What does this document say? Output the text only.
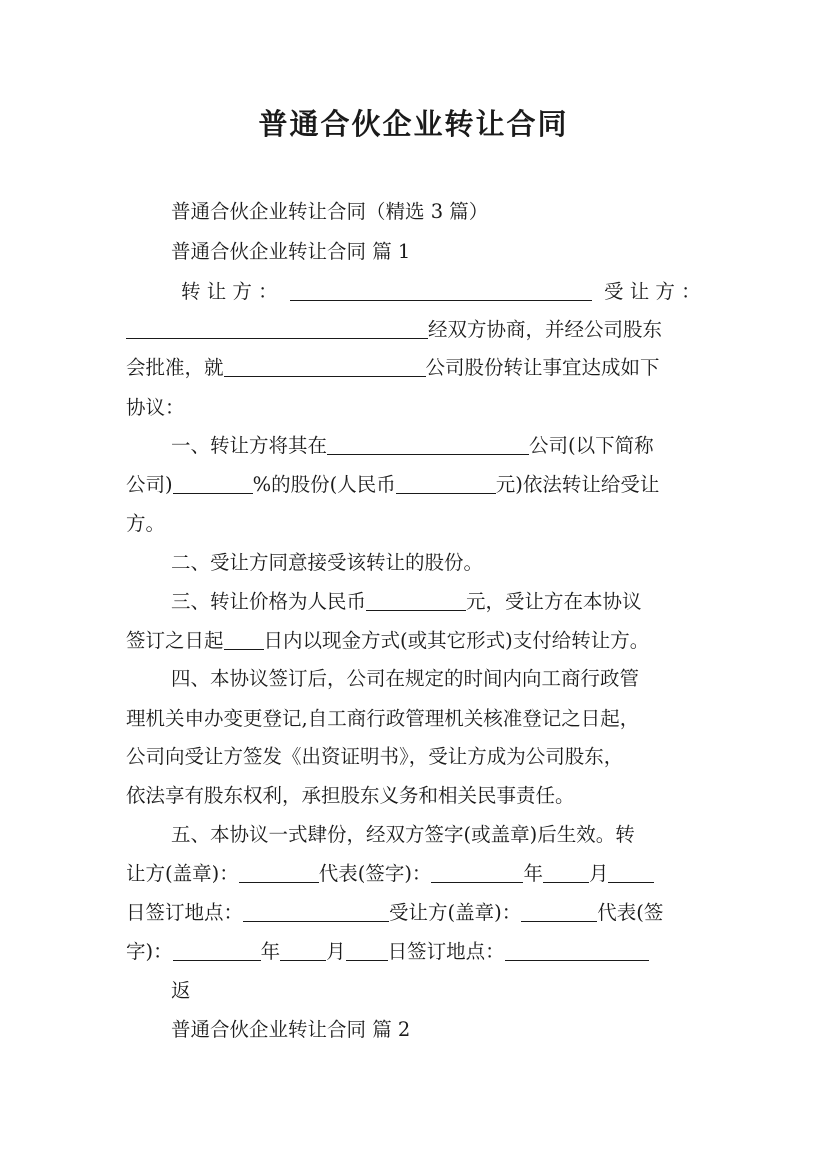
普通合伙企业转让合同
普通合伙企业转让合同（精选 3 篇）
普通合伙企业转让合同 篇 1
转 让 方 ：	受 让 方 ：
经双方协商，并经公司股东
会批准，就	公司股份转让事宜达成如下
协议：
一、转让方将其在	公司(以下简称
公司)	%的股份(人民币	元)依法转让给受让
方。
二、受让方同意接受该转让的股份。
三、转让价格为人民币	元，受让方在本协议
签订之日起 日内以现金方式(或其它形式)支付给转让方。
四、本协议签订后，公司在规定的时间内向工商行政管
理机关申办变更登记,自工商行政管理机关核准登记之日起，
公司向受让方签发《出资证明书》，受让方成为公司股东，
依法享有股东权利，承担股东义务和相关民事责任。
五、本协议一式肆份，经双方签字(或盖章)后生效。转
让方(盖章)：	代表(签字)：	年 月
日签订地点：	受让方(盖章)：	代表(签
字)：	年 月 日签订地点：
返
普通合伙企业转让合同 篇 2
